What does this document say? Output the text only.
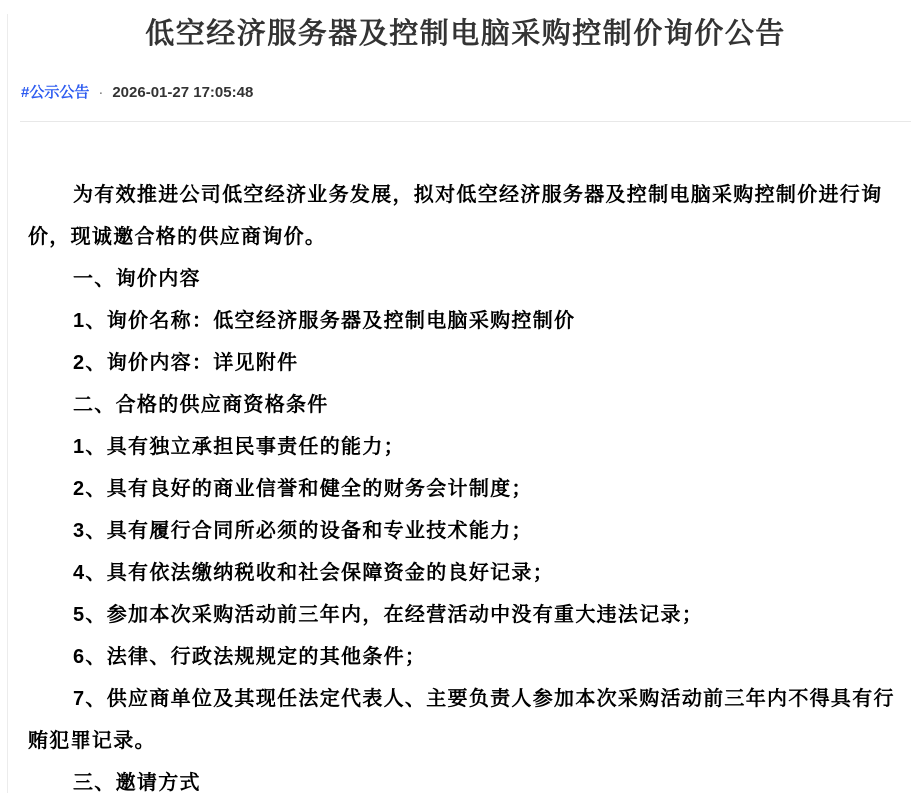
低空经济服务器及控制电脑采购控制价询价公告
#公示公告 · 2026-01-27 17:05:48

为有效推进公司低空经济业务发展，拟对低空经济服务器及控制电脑采购控制价进行询价，现诚邀合格的供应商询价。

一、询价内容

1、询价名称：低空经济服务器及控制电脑采购控制价

2、询价内容：详见附件

二、合格的供应商资格条件

1、具有独立承担民事责任的能力；

2、具有良好的商业信誉和健全的财务会计制度；

3、具有履行合同所必须的设备和专业技术能力；

4、具有依法缴纳税收和社会保障资金的良好记录；

5、参加本次采购活动前三年内，在经营活动中没有重大违法记录；

6、法律、行政法规规定的其他条件；

7、供应商单位及其现任法定代表人、主要负责人参加本次采购活动前三年内不得具有行贿犯罪记录。

三、邀请方式
